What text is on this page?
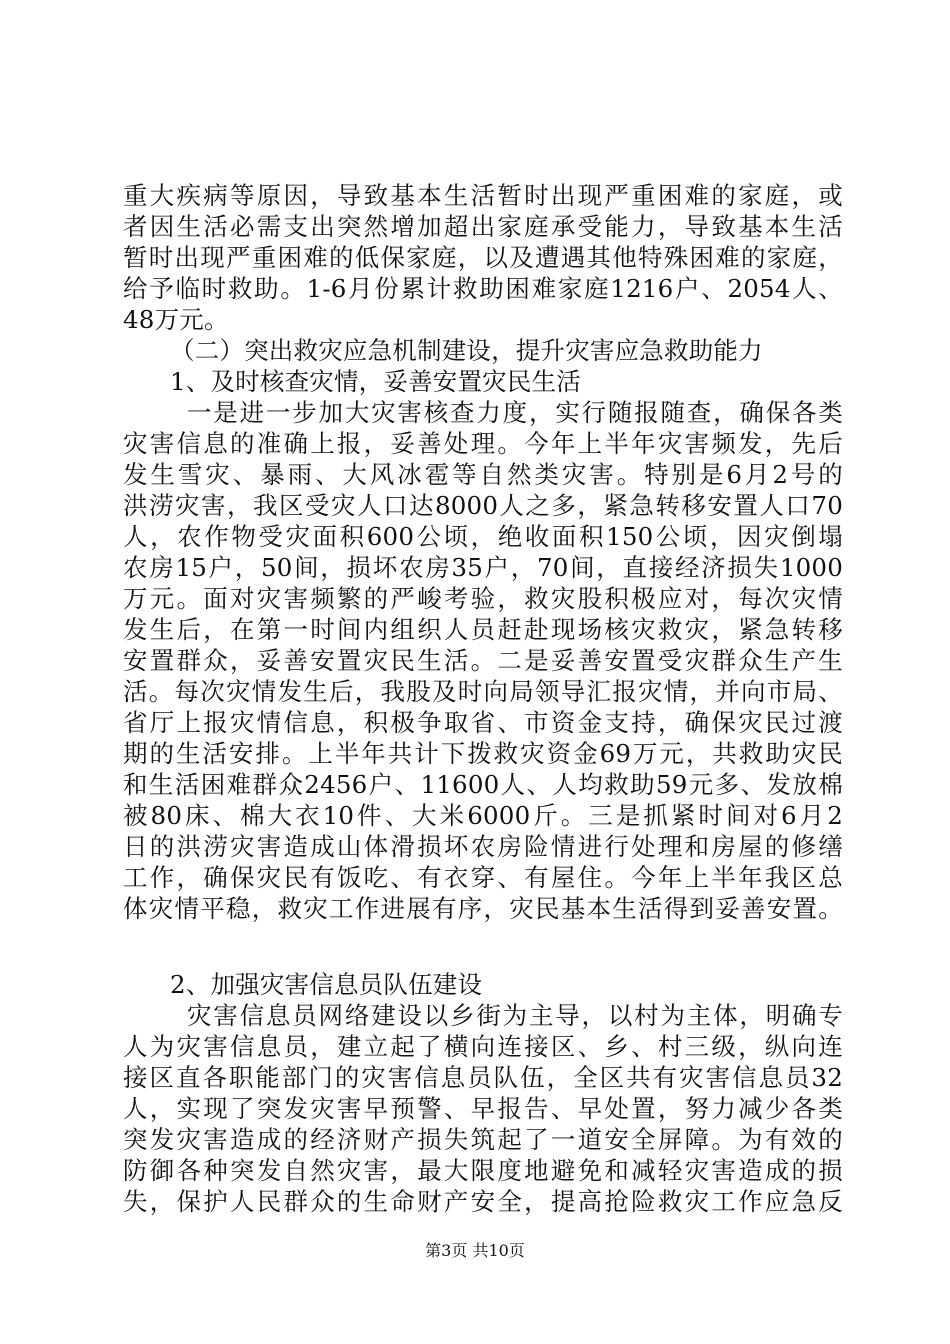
重大疾病等原因，导致基本生活暂时出现严重困难的家庭，或
者因生活必需支出突然增加超出家庭承受能力，导致基本生活
暂时出现严重困难的低保家庭，以及遭遇其他特殊困难的家庭，
给予临时救助。1-6月份累计救助困难家庭1216户、2054人、
48万元。
（二）突出救灾应急机制建设，提升灾害应急救助能力
1、及时核查灾情，妥善安置灾民生活
一是进一步加大灾害核查力度，实行随报随查，确保各类
灾害信息的准确上报，妥善处理。今年上半年灾害频发，先后
发生雪灾、暴雨、大风冰雹等自然类灾害。特别是6月2号的
洪涝灾害，我区受灾人口达8000人之多，紧急转移安置人口70
人，农作物受灾面积600公顷，绝收面积150公顷，因灾倒塌
农房15户，50间，损坏农房35户，70间，直接经济损失1000
万元。面对灾害频繁的严峻考验，救灾股积极应对，每次灾情
发生后，在第一时间内组织人员赶赴现场核灾救灾，紧急转移
安置群众，妥善安置灾民生活。二是妥善安置受灾群众生产生
活。每次灾情发生后，我股及时向局领导汇报灾情，并向市局、
省厅上报灾情信息，积极争取省、市资金支持，确保灾民过渡
期的生活安排。上半年共计下拨救灾资金69万元，共救助灾民
和生活困难群众2456户、11600人、人均救助59元多、发放棉
被80床、棉大衣10件、大米6000斤。三是抓紧时间对6月2
日的洪涝灾害造成山体滑损坏农房险情进行处理和房屋的修缮
工作，确保灾民有饭吃、有衣穿、有屋住。今年上半年我区总
体灾情平稳，救灾工作进展有序，灾民基本生活得到妥善安置。
2、加强灾害信息员队伍建设
灾害信息员网络建设以乡街为主导，以村为主体，明确专
人为灾害信息员，建立起了横向连接区、乡、村三级，纵向连
接区直各职能部门的灾害信息员队伍，全区共有灾害信息员32
人，实现了突发灾害早预警、早报告、早处置，努力减少各类
突发灾害造成的经济财产损失筑起了一道安全屏障。为有效的
防御各种突发自然灾害，最大限度地避免和减轻灾害造成的损
失，保护人民群众的生命财产安全，提高抢险救灾工作应急反
第3页 共10页
